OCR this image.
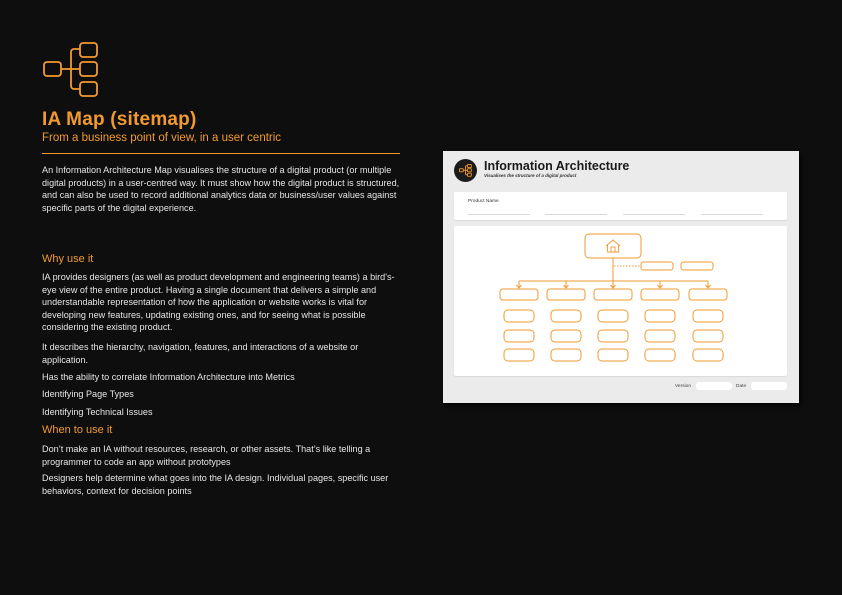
IA Map (sitemap)
From a business point of view, in a user centric
An Information Architecture Map visualises the structure of a digital product (or multiple digital products) in a user-centred way. It must show how the digital product is structured, and can also be used to record additional analytics data or business/user values against specific parts of the digital experience.
Why use it
IA provides designers (as well as product development and engineering teams) a bird's-eye view of the entire product. Having a single document that delivers a simple and understandable representation of how the application or website works is vital for developing new features, updating existing ones, and for seeing what is possible considering the existing product.
It describes the hierarchy, navigation, features, and interactions of a website or application.
Has the ability to correlate Information Architecture into Metrics
Identifying Page Types
Identifying Technical Issues
When to use it
Don’t make an IA without resources, research, or other assets. That’s like telling a programmer to code an app without prototypes
Designers help determine what goes into the IA design. Individual pages, specific user behaviors, context for decision points
Information Architecture
Visualises the structure of a digital product
Product Name
Version	Date
